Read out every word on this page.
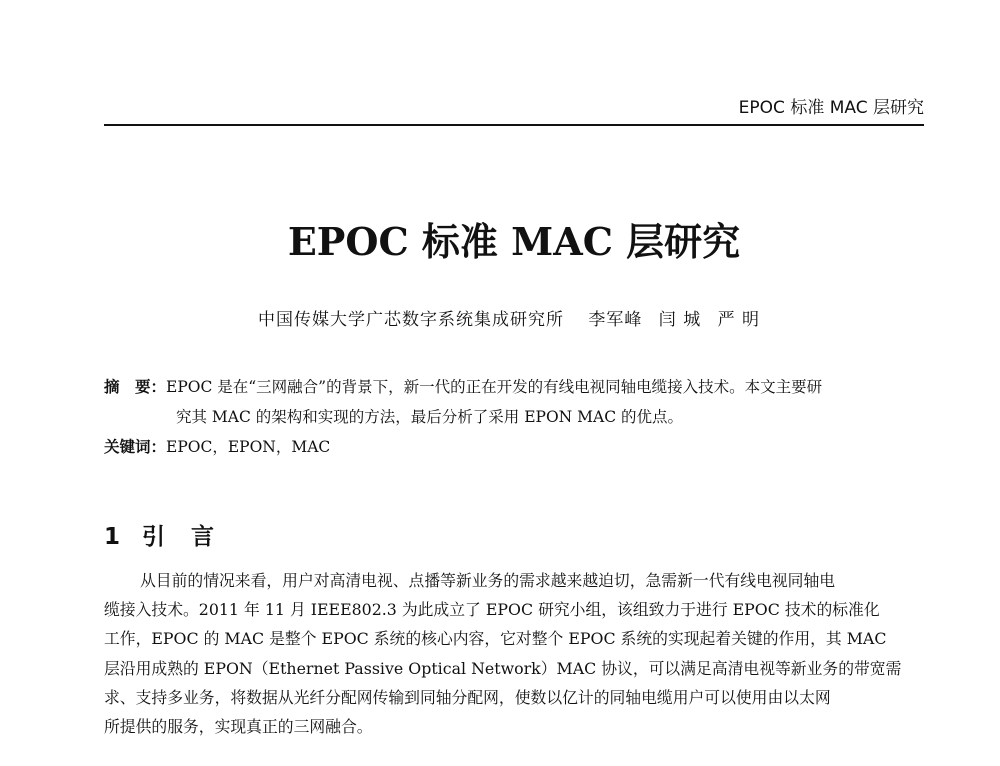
EPOC 标准 MAC 层研究
EPOC 标准 MAC 层研究
中国传媒大学广芯数字系统集成研究所 李军峰 闫 城 严 明
摘　要：EPOC 是在“三网融合”的背景下，新一代的正在开发的有线电视同轴电缆接入技术。本文主要研
究其 MAC 的架构和实现的方法，最后分析了采用 EPON MAC 的优点。
关键词：EPOC，EPON，MAC
1 引 言
从目前的情况来看，用户对高清电视、点播等新业务的需求越来越迫切，急需新一代有线电视同轴电
缆接入技术。2011 年 11 月 IEEE802.3 为此成立了 EPOC 研究小组，该组致力于进行 EPOC 技术的标准化
工作，EPOC 的 MAC 是整个 EPOC 系统的核心内容，它对整个 EPOC 系统的实现起着关键的作用，其 MAC
层沿用成熟的 EPON（Ethernet Passive Optical Network）MAC 协议，可以满足高清电视等新业务的带宽需
求、支持多业务，将数据从光纤分配网传输到同轴分配网，使数以亿计的同轴电缆用户可以使用由以太网
所提供的服务，实现真正的三网融合。
